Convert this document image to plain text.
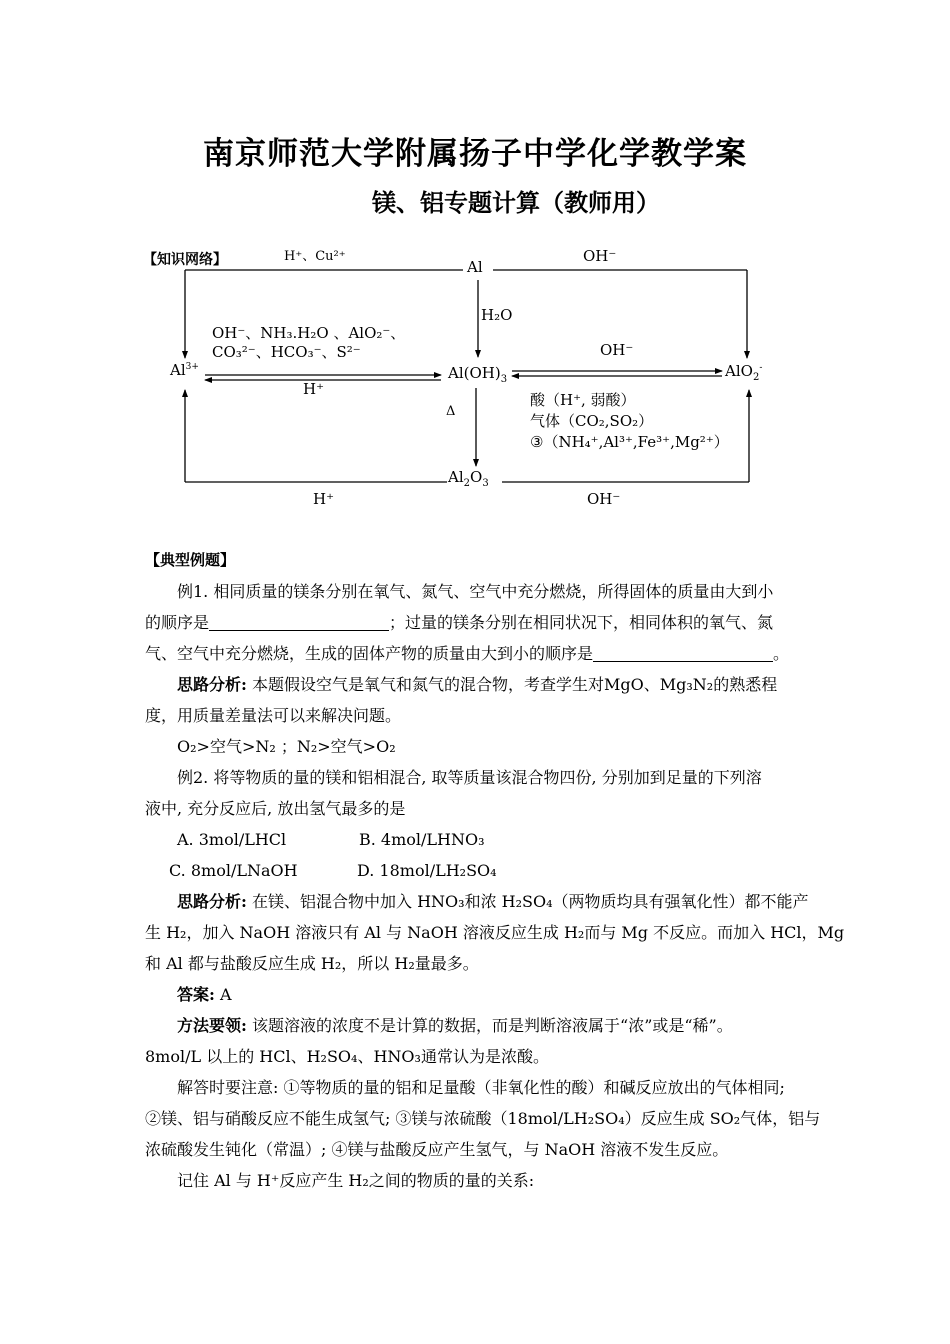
南京师范大学附属扬子中学化学教学案
镁、铝专题计算（教师用）
【知识网络】	H⁺、Cu²⁺
Al
OH⁻
H₂O
OH⁻、NH₃.H₂O 、AlO₂⁻、
CO₃²⁻、HCO₃⁻、S²⁻
$Al^{3+}$	$Al(OH)_3$	AlO$_2$-
H⁺
OH⁻
Δ
酸（H⁺, 弱酸）
气体（CO₂,SO₂）
③（NH₄⁺,Al³⁺,Fe³⁺,Mg²⁺）
$Al_2O_3$
H⁺	OH⁻

【典型例题】

例1. 相同质量的镁条分别在氧气、氮气、空气中充分燃烧，所得固体的质量由大到小

的顺序是	；过量的镁条分别在相同状况下，相同体积的氧气、氮

气、空气中充分燃烧，生成的固体产物的质量由大到小的顺序是	。

思路分析: 本题假设空气是氧气和氮气的混合物，考查学生对MgO、Mg₃N₂的熟悉程

度，用质量差量法可以来解决问题。

O₂>空气>N₂ ；N₂>空气>O₂

例2. 将等物质的量的镁和铝相混合, 取等质量该混合物四份, 分别加到足量的下列溶

液中, 充分反应后, 放出氢气最多的是

A. 3mol/LHCl	B. 4mol/LHNO₃

C. 8mol/LNaOH	D. 18mol/LH₂SO₄

思路分析: 在镁、铝混合物中加入 HNO₃和浓 H₂SO₄（两物质均具有强氧化性）都不能产

生 H₂，加入 NaOH 溶液只有 Al 与 NaOH 溶液反应生成 H₂而与 Mg 不反应。而加入 HCl，Mg

和 Al 都与盐酸反应生成 H₂，所以 H₂量最多。

答案: A

方法要领: 该题溶液的浓度不是计算的数据，而是判断溶液属于“浓”或是“稀”。

8mol/L 以上的 HCl、H₂SO₄、HNO₃通常认为是浓酸。

解答时要注意: ①等物质的量的铝和足量酸（非氧化性的酸）和碱反应放出的气体相同;

②镁、铝与硝酸反应不能生成氢气; ③镁与浓硫酸（18mol/LH₂SO₄）反应生成 SO₂气体，铝与

浓硫酸发生钝化（常温）; ④镁与盐酸反应产生氢气，与 NaOH 溶液不发生反应。

记住 Al 与 H⁺反应产生 H₂之间的物质的量的关系:
